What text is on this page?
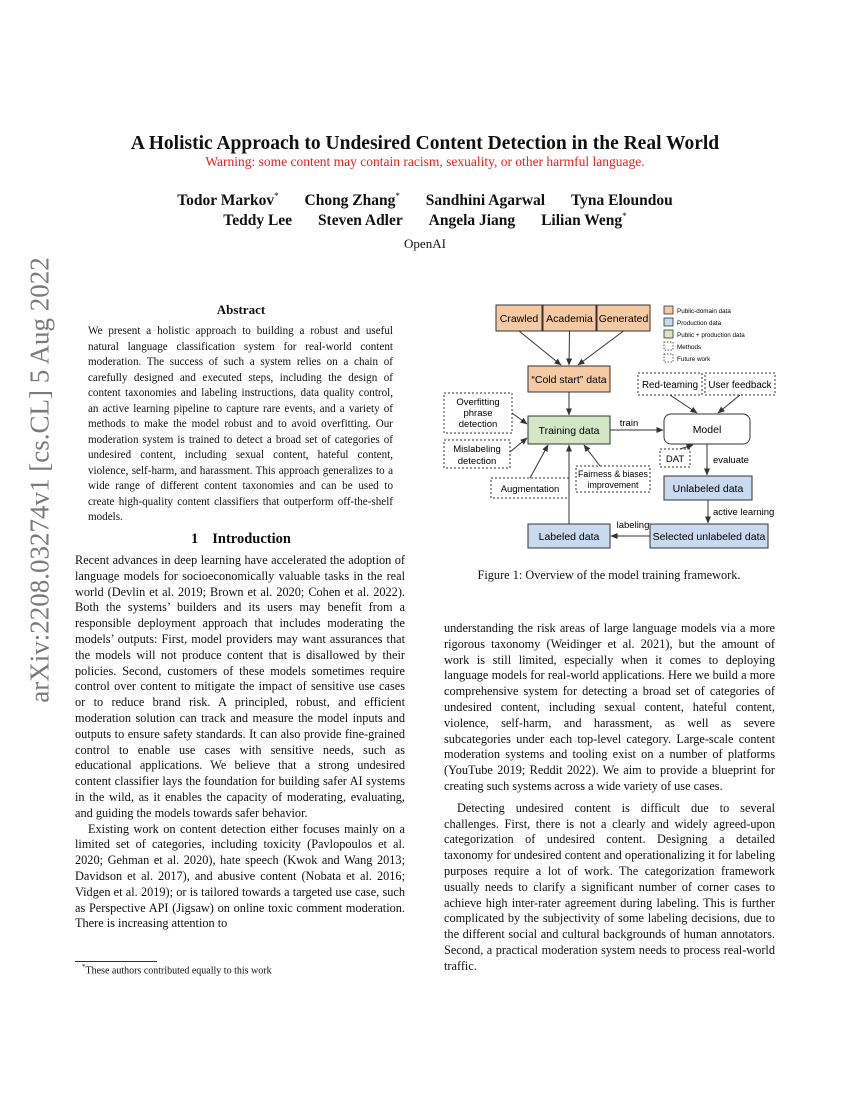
arXiv:2208.03274v1 [cs.CL] 5 Aug 2022
A Holistic Approach to Undesired Content Detection in the Real World
Warning: some content may contain racism, sexuality, or other harmful language.
Todor Markov* Chong Zhang* Sandhini Agarwal Tyna Eloundou
Teddy Lee Steven Adler Angela Jiang Lilian Weng*
OpenAI
Abstract
We present a holistic approach to building a robust and useful natural language classification system for real-world content moderation. The success of such a system relies on a chain of carefully designed and executed steps, including the design of content taxonomies and labeling instructions, data quality control, an active learning pipeline to capture rare events, and a variety of methods to make the model robust and to avoid overfitting. Our moderation system is trained to detect a broad set of categories of undesired content, including sexual content, hateful content, violence, self-harm, and harassment. This approach generalizes to a wide range of different content taxonomies and can be used to create high-quality content classifiers that outperform off-the-shelf models.
1 Introduction

Recent advances in deep learning have accelerated the adoption of language models for socioeconomically valuable tasks in the real world (Devlin et al. 2019; Brown et al. 2020; Cohen et al. 2022). Both the systems’ builders and its users may benefit from a responsible deployment approach that includes moderating the models’ outputs: First, model providers may want assurances that the models will not produce content that is disallowed by their policies. Second, customers of these models sometimes require control over content to mitigate the impact of sensitive use cases or to reduce brand risk. A principled, robust, and efficient moderation solution can track and measure the model inputs and outputs to ensure safety standards. It can also provide fine-grained control to enable use cases with sensitive needs, such as educational applications. We believe that a strong undesired content classifier lays the foundation for building safer AI systems in the wild, as it enables the capacity of moderating, evaluating, and guiding the models towards safer behavior.

Existing work on content detection either focuses mainly on a limited set of categories, including toxicity (Pavlopoulos et al. 2020; Gehman et al. 2020), hate speech (Kwok and Wang 2013; Davidson et al. 2017), and abusive content (Nobata et al. 2016; Vidgen et al. 2019); or is tailored towards a targeted use case, such as Perspective API (Jigsaw) on online toxic comment moderation. There is increasing attention to

*These authors contributed equally to this work
Crawled Academia Generated
Public-domain data
Production data
Public + production data
Methods
Future work
“Cold start” data	Red-teaming User feedback
Overfitting
phrase
detection
Training data	Model
Mislabeling
detection
Augmentation
Fairness & biases
improvement
DAT
Unlabeled data
Labeled data	Selected unlabeled data
train
evaluate
active learning
labeling
Figure 1: Overview of the model training framework.

understanding the risk areas of large language models via a more rigorous taxonomy (Weidinger et al. 2021), but the amount of work is still limited, especially when it comes to deploying language models for real-world applications. Here we build a more comprehensive system for detecting a broad set of categories of undesired content, including sexual content, hateful content, violence, self-harm, and harassment, as well as severe subcategories under each top-level category. Large-scale content moderation systems and tooling exist on a number of platforms (YouTube 2019; Reddit 2022). We aim to provide a blueprint for creating such systems across a wide variety of use cases.

Detecting undesired content is difficult due to several challenges. First, there is not a clearly and widely agreed-upon categorization of undesired content. Designing a detailed taxonomy for undesired content and operationalizing it for labeling purposes require a lot of work. The categorization framework usually needs to clarify a significant number of corner cases to achieve high inter-rater agreement during labeling. This is further complicated by the subjectivity of some labeling decisions, due to the different social and cultural backgrounds of human annotators. Second, a practical moderation system needs to process real-world traffic.
